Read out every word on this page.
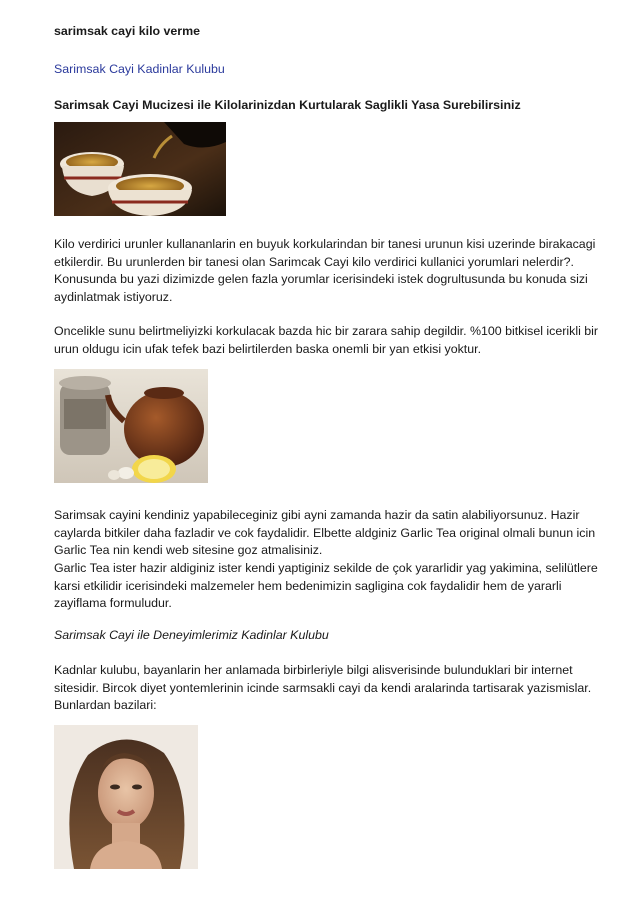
sarimsak cayi kilo verme

Sarimsak Cayi Kadinlar Kulubu

Sarimsak Cayi Mucizesi ile Kilolarinizdan Kurtularak Saglikli Yasa Surebilirsiniz

Kilo verdirici urunler kullananlarin en buyuk korkularindan bir tanesi urunun kisi uzerinde birakacagi etkilerdir. Bu urunlerden bir tanesi olan Sarimcak Cayi kilo verdirici kullanici yorumlari nelerdir?. Konusunda bu yazi dizimizde gelen fazla yorumlar icerisindeki istek dogrultusunda bu konuda sizi aydinlatmak istiyoruz.

Oncelikle sunu belirtmeliyizki korkulacak bazda hic bir zarara sahip degildir. %100 bitkisel icerikli bir urun oldugu icin ufak tefek bazi belirtilerden baska onemli bir yan etkisi yoktur.

Sarimsak cayini kendiniz yapabileceginiz gibi ayni zamanda hazir da satin alabiliyorsunuz. Hazir caylarda bitkiler daha fazladir ve cok faydalidir. Elbette aldginiz Garlic Tea original olmali bunun icin Garlic Tea nin kendi web sitesine goz atmalisiniz.

Garlic Tea ister hazir aldiginiz ister kendi yaptiginiz sekilde de çok yararlidir yag yakimina, selilütlere karsi etkilidir icerisindeki malzemeler hem bedenimizin sagligina cok faydalidir hem de yararli zayiflama formuludur.

Sarimsak Cayi ile Deneyimlerimiz Kadinlar Kulubu

Kadnlar kulubu, bayanlarin her anlamada birbirleriyle bilgi alisverisinde bulunduklari bir internet sitesidir. Bircok diyet yontemlerinin icinde sarmsakli cayi da kendi aralarinda tartisarak yazismislar. Bunlardan bazilari:
